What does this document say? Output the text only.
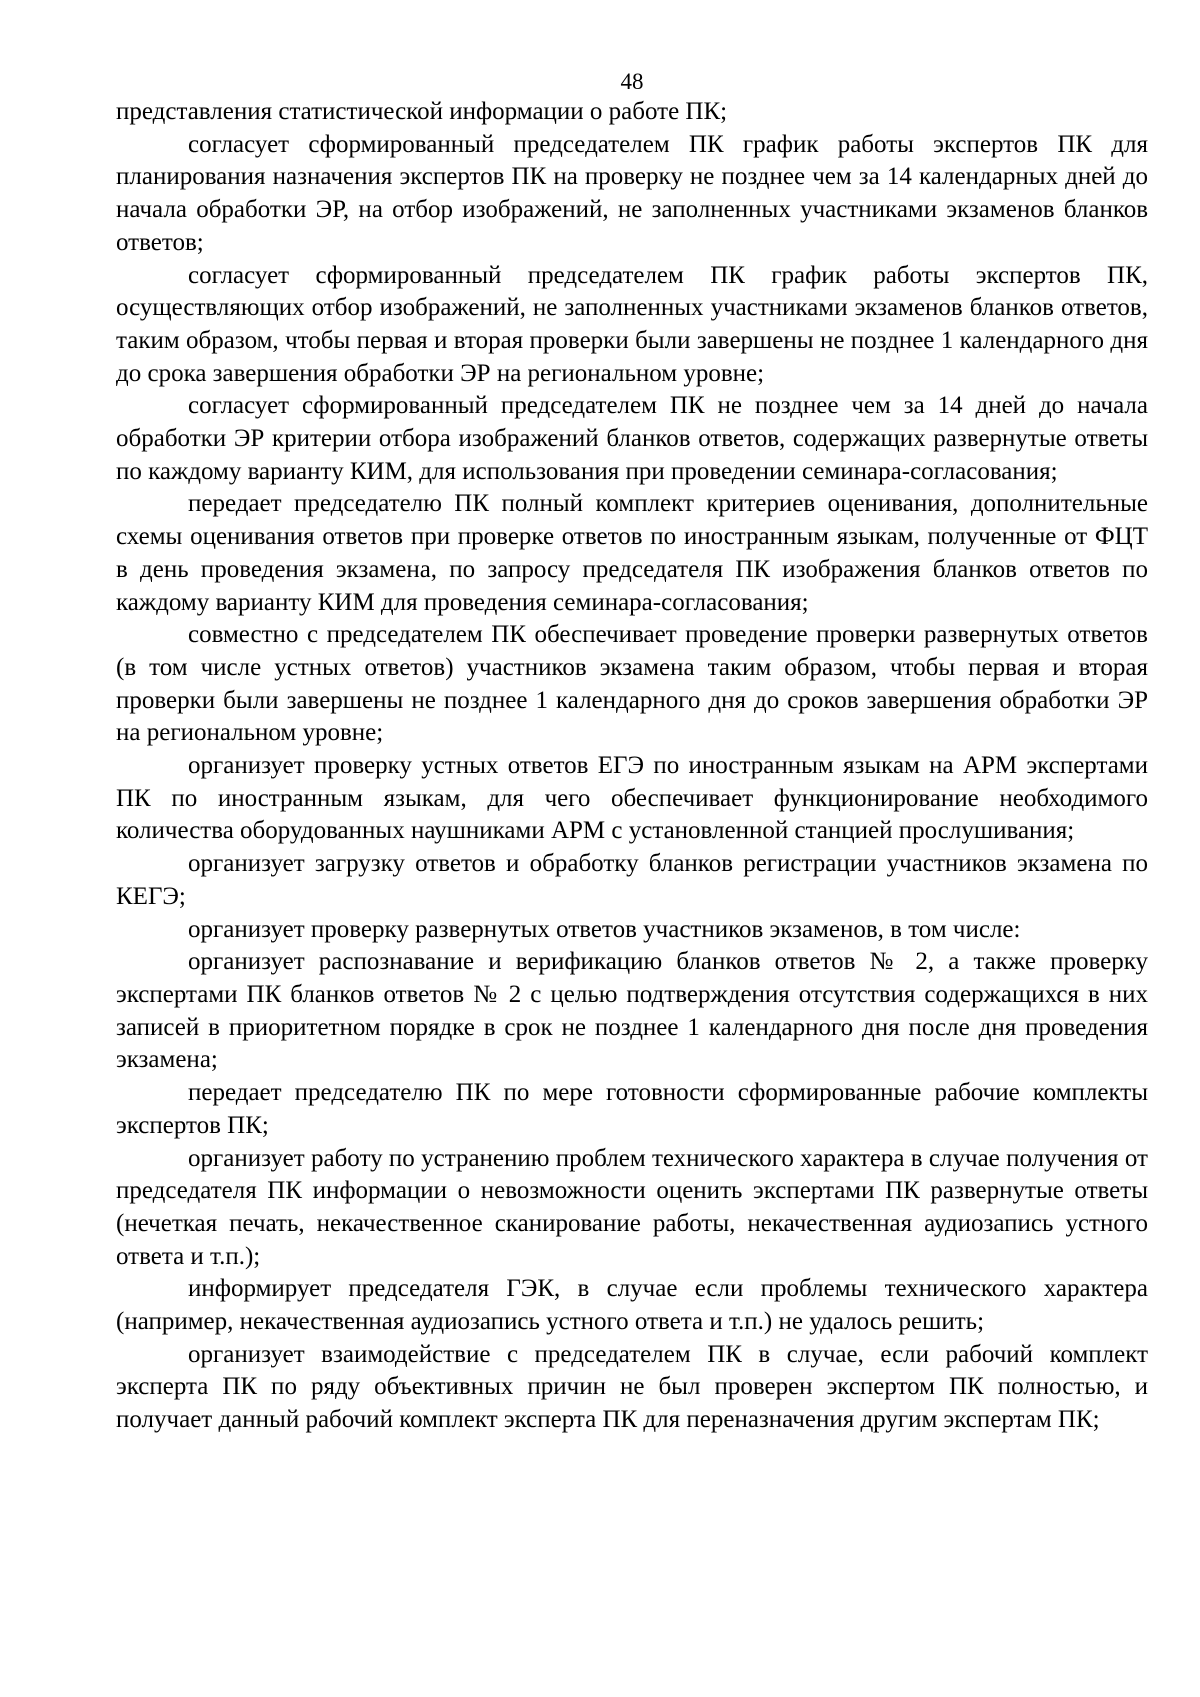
48

представления статистической информации о работе ПК;

согласует сформированный председателем ПК график работы экспертов ПК для планирования назначения экспертов ПК на проверку не позднее чем за 14 календарных дней до начала обработки ЭР, на отбор изображений, не заполненных участниками экзаменов бланков ответов;

согласует сформированный председателем ПК график работы экспертов ПК, осуществляющих отбор изображений, не заполненных участниками экзаменов бланков ответов, таким образом, чтобы первая и вторая проверки были завершены не позднее 1 календарного дня до срока завершения обработки ЭР на региональном уровне;

согласует сформированный председателем ПК не позднее чем за 14 дней до начала обработки ЭР критерии отбора изображений бланков ответов, содержащих развернутые ответы по каждому варианту КИМ, для использования при проведении семинара-согласования;

передает председателю ПК полный комплект критериев оценивания, дополнительные схемы оценивания ответов при проверке ответов по иностранным языкам, полученные от ФЦТ в день проведения экзамена, по запросу председателя ПК изображения бланков ответов по каждому варианту КИМ для проведения семинара-согласования;

совместно с председателем ПК обеспечивает проведение проверки развернутых ответов (в том числе устных ответов) участников экзамена таким образом, чтобы первая и вторая проверки были завершены не позднее 1 календарного дня до сроков завершения обработки ЭР на региональном уровне;

организует проверку устных ответов ЕГЭ по иностранным языкам на АРМ экспертами ПК по иностранным языкам, для чего обеспечивает функционирование необходимого количества оборудованных наушниками АРМ с установленной станцией прослушивания;

организует загрузку ответов и обработку бланков регистрации участников экзамена по КЕГЭ;

организует проверку развернутых ответов участников экзаменов, в том числе:

организует распознавание и верификацию бланков ответов № 2, а также проверку экспертами ПК бланков ответов № 2 с целью подтверждения отсутствия содержащихся в них записей в приоритетном порядке в срок не позднее 1 календарного дня после дня проведения экзамена;

передает председателю ПК по мере готовности сформированные рабочие комплекты экспертов ПК;

организует работу по устранению проблем технического характера в случае получения от председателя ПК информации о невозможности оценить экспертами ПК развернутые ответы (нечеткая печать, некачественное сканирование работы, некачественная аудиозапись устного ответа и т.п.);

информирует председателя ГЭК, в случае если проблемы технического характера (например, некачественная аудиозапись устного ответа и т.п.) не удалось решить;

организует взаимодействие с председателем ПК в случае, если рабочий комплект эксперта ПК по ряду объективных причин не был проверен экспертом ПК полностью, и получает данный рабочий комплект эксперта ПК для переназначения другим экспертам ПК;
